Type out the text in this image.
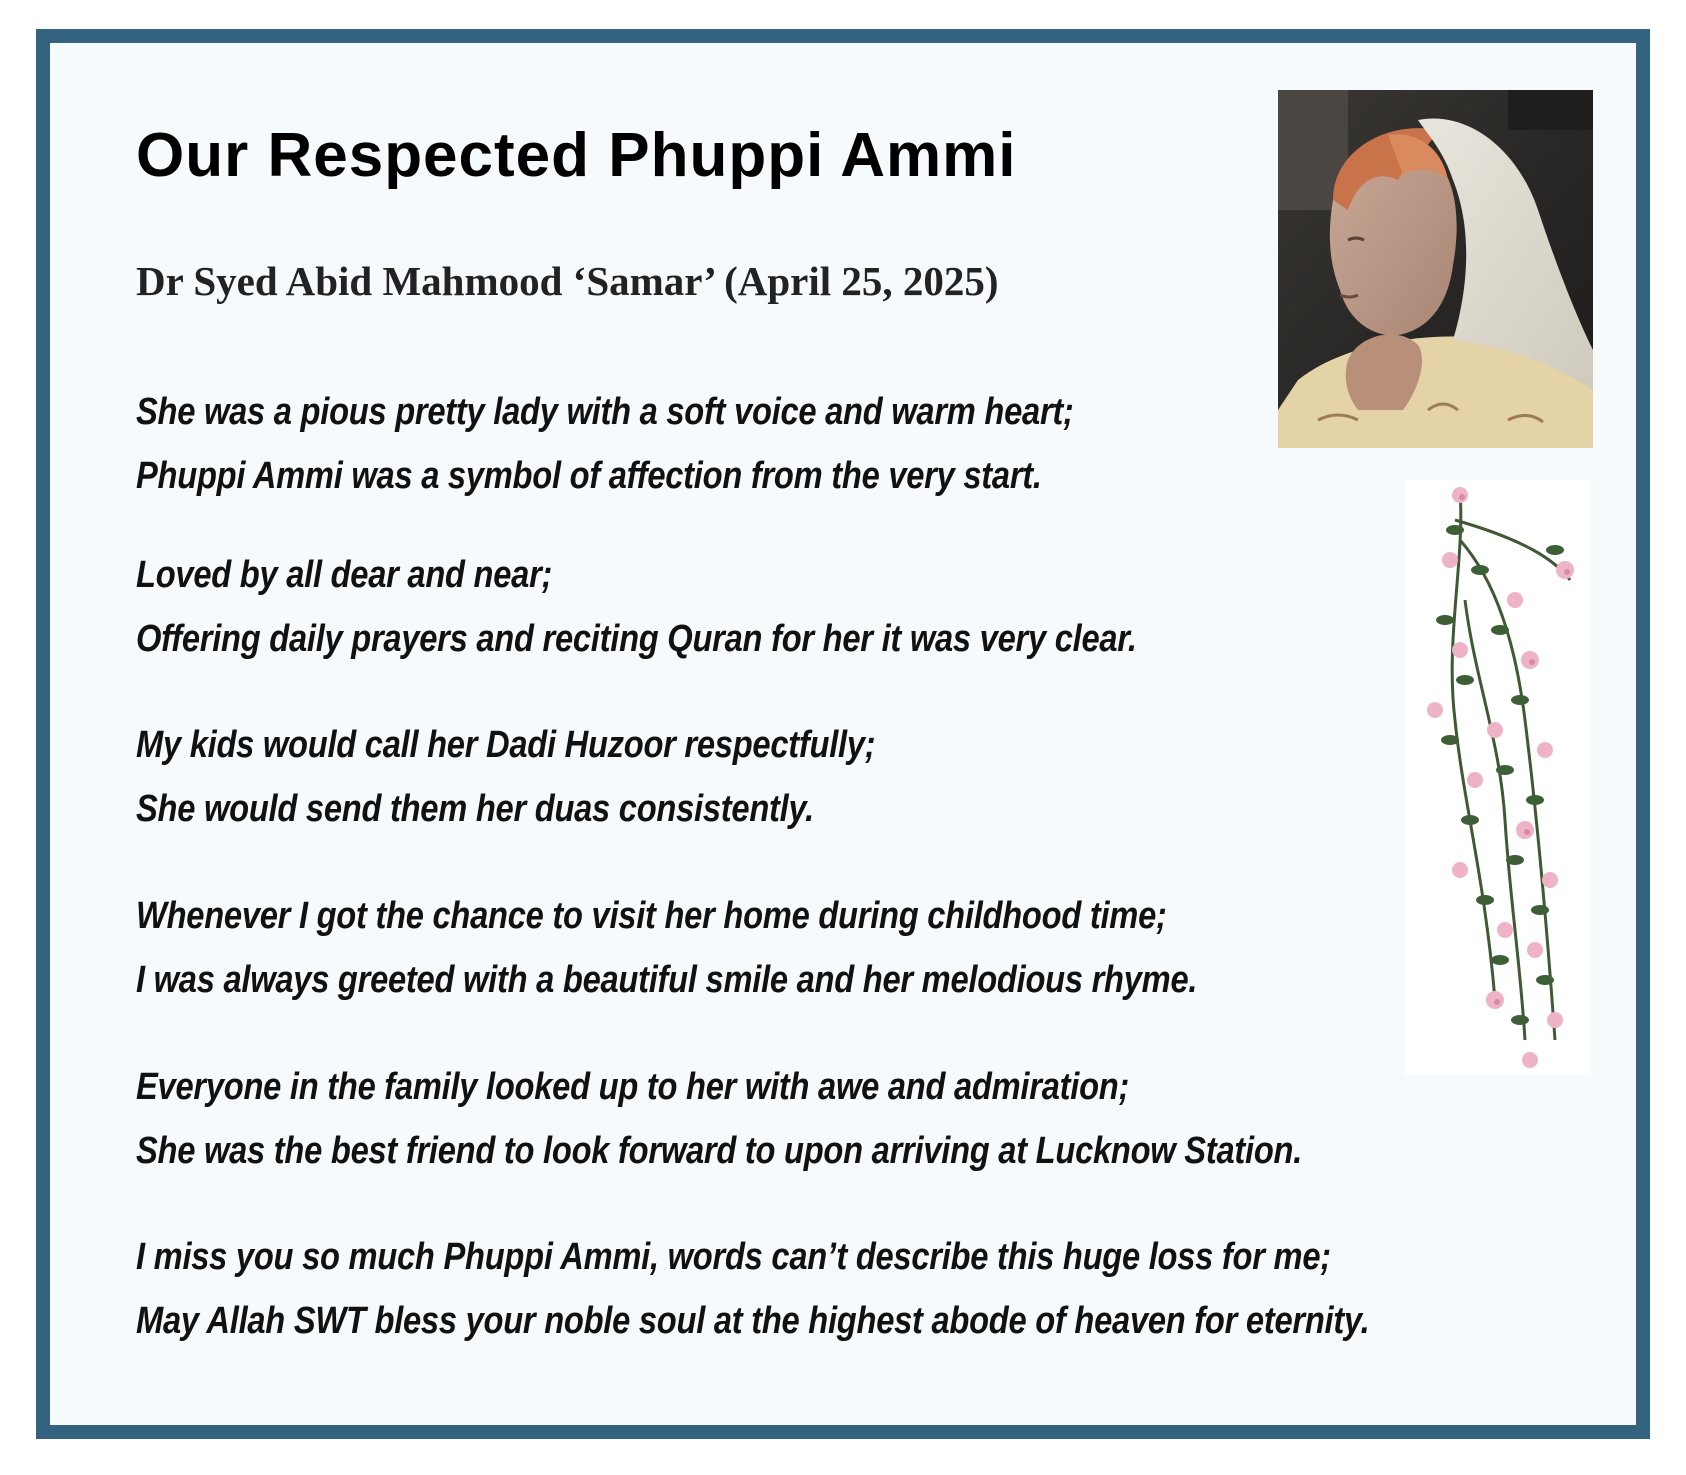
Our Respected Phuppi Ammi

Dr Syed Abid Mahmood ‘Samar’ (April 25, 2025)

She was a pious pretty lady with a soft voice and warm heart;
Phuppi Ammi was a symbol of affection from the very start.

Loved by all dear and near;
Offering daily prayers and reciting Quran for her it was very clear.

My kids would call her Dadi Huzoor respectfully;
She would send them her duas consistently.

Whenever I got the chance to visit her home during childhood time;
I was always greeted with a beautiful smile and her melodious rhyme.

Everyone in the family looked up to her with awe and admiration;
She was the best friend to look forward to upon arriving at Lucknow Station.

I miss you so much Phuppi Ammi, words can’t describe this huge loss for me;
May Allah SWT bless your noble soul at the highest abode of heaven for eternity.
